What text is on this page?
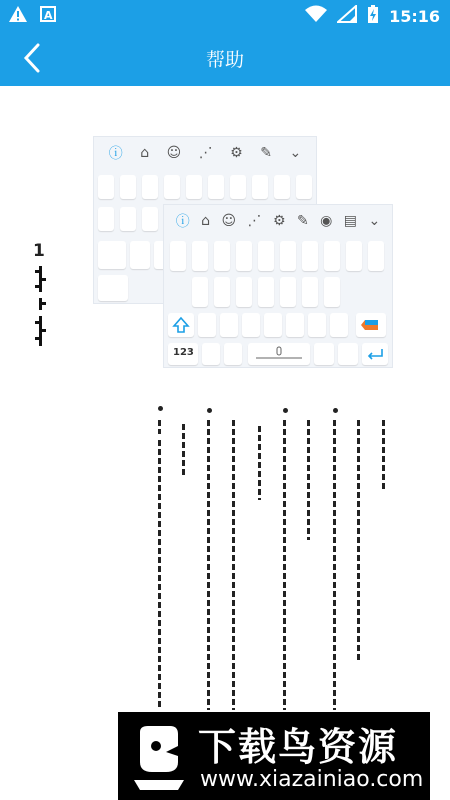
A	15:16
帮助
1
ⓘ ⌂ ☺ ⋰ ⚙ ✎ ⌄
ⓘ ⌂ ☺ ⋰ ⚙ ✎ ◉ ▤ ⌄
123
下载鸟资源
www.xiazainiao.com
